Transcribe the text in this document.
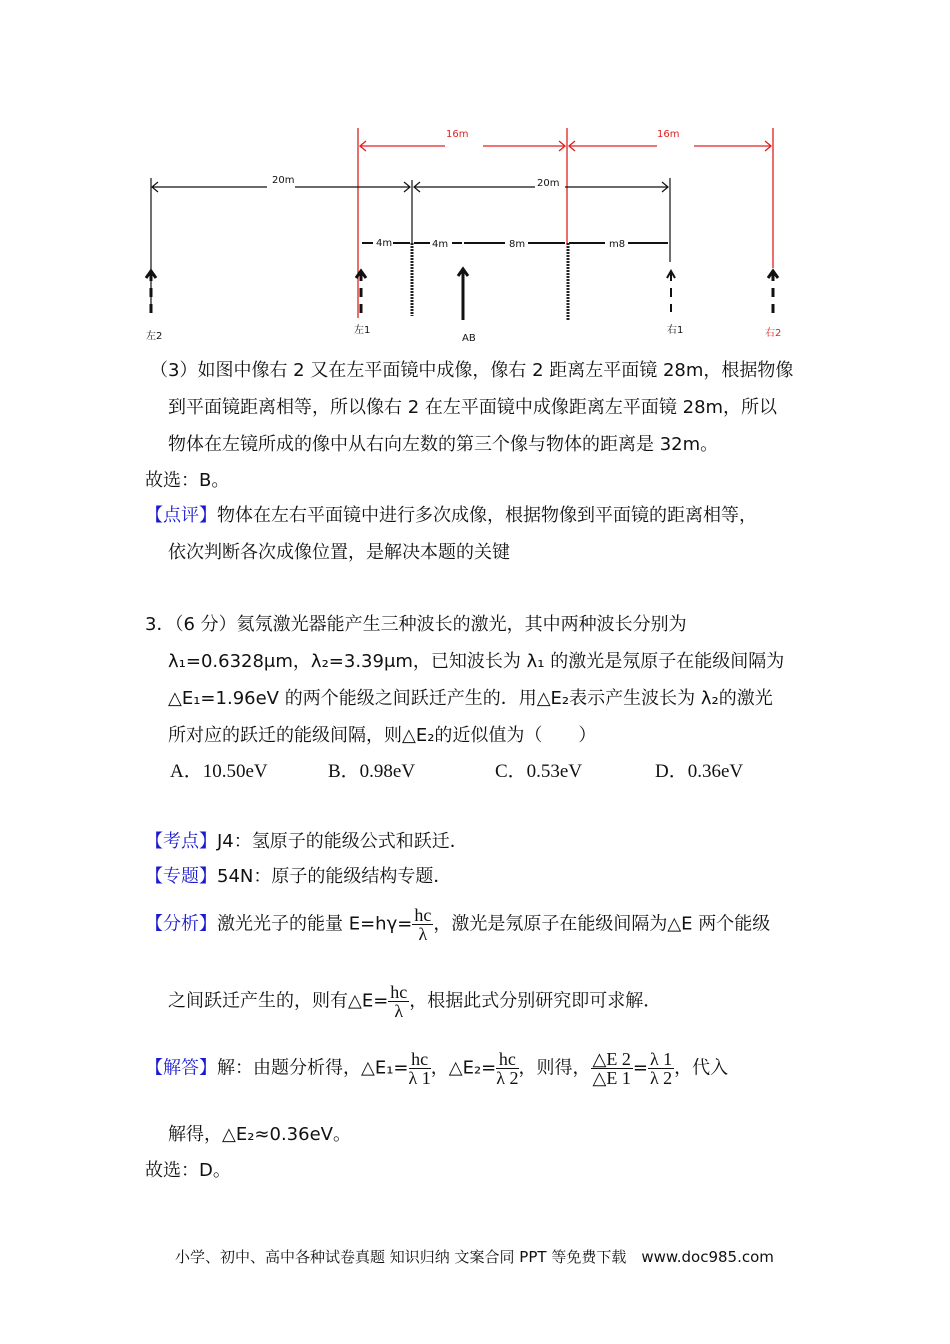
16m	16m
右2
20m	20m
4m	4m	8m	m8
左2
左1
AB
右1
（3）如图中像右 2 又在左平面镜中成像，像右 2 距离左平面镜 28m，根据物像
到平面镜距离相等，所以像右 2 在左平面镜中成像距离左平面镜 28m，所以
物体在左镜所成的像中从右向左数的第三个像与物体的距离是 32m。
故选：B。
【点评】物体在左右平面镜中进行多次成像，根据物像到平面镜的距离相等，
依次判断各次成像位置，是解决本题的关键
3．（6 分）氦氖激光器能产生三种波长的激光，其中两种波长分别为
λ₁=0.6328μm，λ₂=3.39μm，已知波长为 λ₁ 的激光是氖原子在能级间隔为
△E₁=1.96eV 的两个能级之间跃迁产生的．用△E₂表示产生波长为 λ₂的激光
所对应的跃迁的能级间隔，则△E₂的近似值为（　　）
A．10.50eV	B．0.98eV	C．0.53eV	D．0.36eV
【考点】J4：氢原子的能级公式和跃迁．
【专题】54N：原子的能级结构专题．
【分析】激光光子的能量 $E=h\gamma= \frac{hc}{\lambda}$ ，激光是氖原子在能级间隔为△E 两个能级
之间跃迁产生的，则有△E= $\frac{hc}{\lambda}$ ，根据此式分别研究即可求解．
【解答】解：由题分析得，△E₁= $\frac{hc}{\lambda 1}$ ，△E₂= $\frac{hc}{\lambda 2}$ ，则得， $\frac{\triangle E 2}{\triangle E 1} = \frac{\lambda 1}{\lambda 2}$ ，代入
解得，△E₂≈0.36eV。
故选：D。
小学、初中、高中各种试卷真题 知识归纳 文案合同 PPT 等免费下载　www.doc985.com
